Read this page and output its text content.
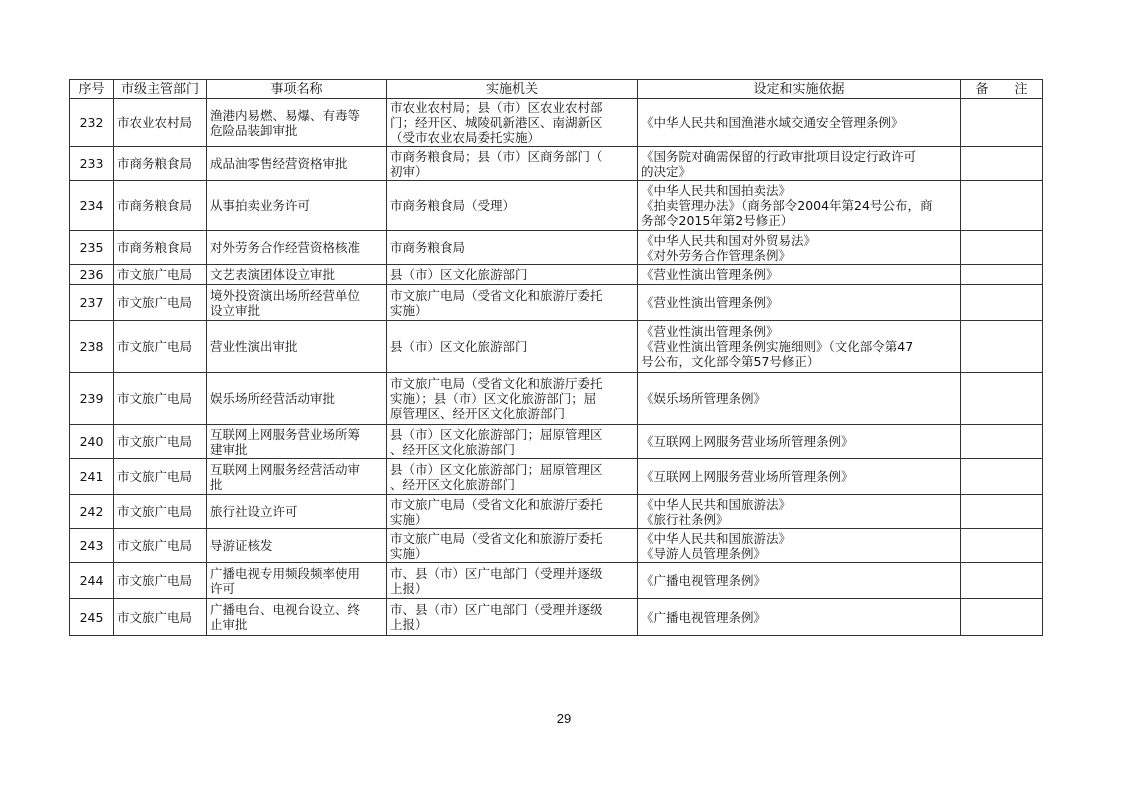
序号	市级主管部门	事项名称	实施机关	设定和实施依据	备　　注
232	市农业农村局	渔港内易燃、易爆、有毒等
危险品装卸审批	市农业农村局；县（市）区农业农村部
门；经开区、城陵矶新港区、南湖新区
（受市农业农局委托实施）	《中华人民共和国渔港水域交通安全管理条例》	

233	市商务粮食局	成品油零售经营资格审批	市商务粮食局；县（市）区商务部门（
初审）	《国务院对确需保留的行政审批项目设定行政许可
的决定》	

234	市商务粮食局	从事拍卖业务许可	市商务粮食局（受理）	《中华人民共和国拍卖法》
《拍卖管理办法》（商务部令2004年第24号公布，商
务部令2015年第2号修正）	

235	市商务粮食局	对外劳务合作经营资格核准	市商务粮食局	《中华人民共和国对外贸易法》
《对外劳务合作管理条例》	

236	市文旅广电局	文艺表演团体设立审批	县（市）区文化旅游部门	《营业性演出管理条例》	

237	市文旅广电局	境外投资演出场所经营单位
设立审批	市文旅广电局（受省文化和旅游厅委托
实施）	《营业性演出管理条例》	

238	市文旅广电局	营业性演出审批	县（市）区文化旅游部门	《营业性演出管理条例》
《营业性演出管理条例实施细则》（文化部令第47
号公布，文化部令第57号修正）	

239	市文旅广电局	娱乐场所经营活动审批	市文旅广电局（受省文化和旅游厅委托
实施）；县（市）区文化旅游部门；屈
原管理区、经开区文化旅游部门	《娱乐场所管理条例》	

240	市文旅广电局	互联网上网服务营业场所筹
建审批	县（市）区文化旅游部门；屈原管理区
、经开区文化旅游部门	《互联网上网服务营业场所管理条例》	

241	市文旅广电局	互联网上网服务经营活动审
批	县（市）区文化旅游部门；屈原管理区
、经开区文化旅游部门	《互联网上网服务营业场所管理条例》	

242	市文旅广电局	旅行社设立许可	市文旅广电局（受省文化和旅游厅委托
实施）	《中华人民共和国旅游法》
《旅行社条例》	

243	市文旅广电局	导游证核发	市文旅广电局（受省文化和旅游厅委托
实施）	《中华人民共和国旅游法》
《导游人员管理条例》	

244	市文旅广电局	广播电视专用频段频率使用
许可	市、县（市）区广电部门（受理并逐级
上报）	《广播电视管理条例》	

245	市文旅广电局	广播电台、电视台设立、终
止审批	市、县（市）区广电部门（受理并逐级
上报）	《广播电视管理条例》	

29
